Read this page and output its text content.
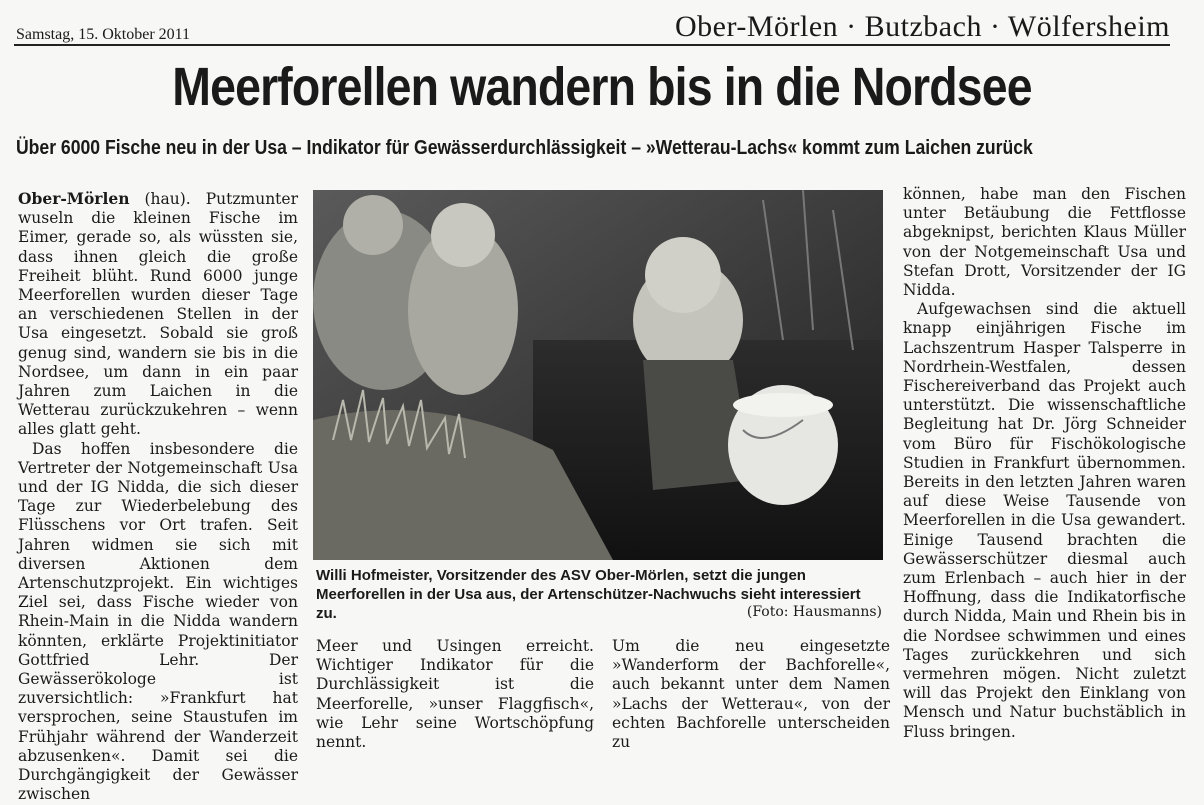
Samstag, 15. Oktober 2011	Ober-Mörlen · Butzbach · Wölfersheim
Meerforellen wandern bis in die Nordsee
Über 6000 Fische neu in der Usa – Indikator für Gewässerdurchlässigkeit – »Wetterau-Lachs« kommt zum Laichen zurück

Ober-Mörlen (hau). Putzmunter wuseln die kleinen Fische im Eimer, gerade so, als wüssten sie, dass ihnen gleich die große Freiheit blüht. Rund 6000 junge Meerforellen wurden dieser Tage an verschiedenen Stellen in der Usa eingesetzt. Sobald sie groß genug sind, wandern sie bis in die Nordsee, um dann in ein paar Jahren zum Laichen in die Wetterau zurückzukehren – wenn alles glatt geht.

Das hoffen insbesondere die Vertreter der Notgemeinschaft Usa und der IG Nidda, die sich dieser Tage zur Wiederbelebung des Flüsschens vor Ort trafen. Seit Jahren widmen sie sich mit diversen Aktionen dem Artenschutzprojekt. Ein wichtiges Ziel sei, dass Fische wieder von Rhein-Main in die Nidda wandern könnten, erklärte Projektinitiator Gottfried Lehr. Der Gewässerökologe ist zuversichtlich: »Frankfurt hat versprochen, seine Staustufen im Frühjahr während der Wanderzeit abzusenken«. Damit sei die Durchgängigkeit der Gewässer zwischen

Willi Hofmeister, Vorsitzender des ASV Ober-Mörlen, setzt die jungen Meerforellen in der Usa aus, der Artenschützer-Nachwuchs sieht interessiert zu.	(Foto: Hausmanns)

Meer und Usingen erreicht. Wichtiger Indikator für die Durchlässigkeit ist die Meerforelle, »unser Flaggfisch«, wie Lehr seine Wortschöpfung nennt.

Um die neu eingesetzte »Wanderform der Bachforelle«, auch bekannt unter dem Namen »Lachs der Wetterau«, von der echten Bachforelle unterscheiden zu

können, habe man den Fischen unter Betäubung die Fettflosse abgeknipst, berichten Klaus Müller von der Notgemeinschaft Usa und Stefan Drott, Vorsitzender der IG Nidda.

Aufgewachsen sind die aktuell knapp einjährigen Fische im Lachszentrum Hasper Talsperre in Nordrhein-Westfalen, dessen Fischereiverband das Projekt auch unterstützt. Die wissenschaftliche Begleitung hat Dr. Jörg Schneider vom Büro für Fischökologische Studien in Frankfurt übernommen. Bereits in den letzten Jahren waren auf diese Weise Tausende von Meerforellen in die Usa gewandert. Einige Tausend brachten die Gewässerschützer diesmal auch zum Erlenbach – auch hier in der Hoffnung, dass die Indikatorfische durch Nidda, Main und Rhein bis in die Nordsee schwimmen und eines Tages zurückkehren und sich vermehren mögen. Nicht zuletzt will das Projekt den Einklang von Mensch und Natur buchstäblich in Fluss bringen.
